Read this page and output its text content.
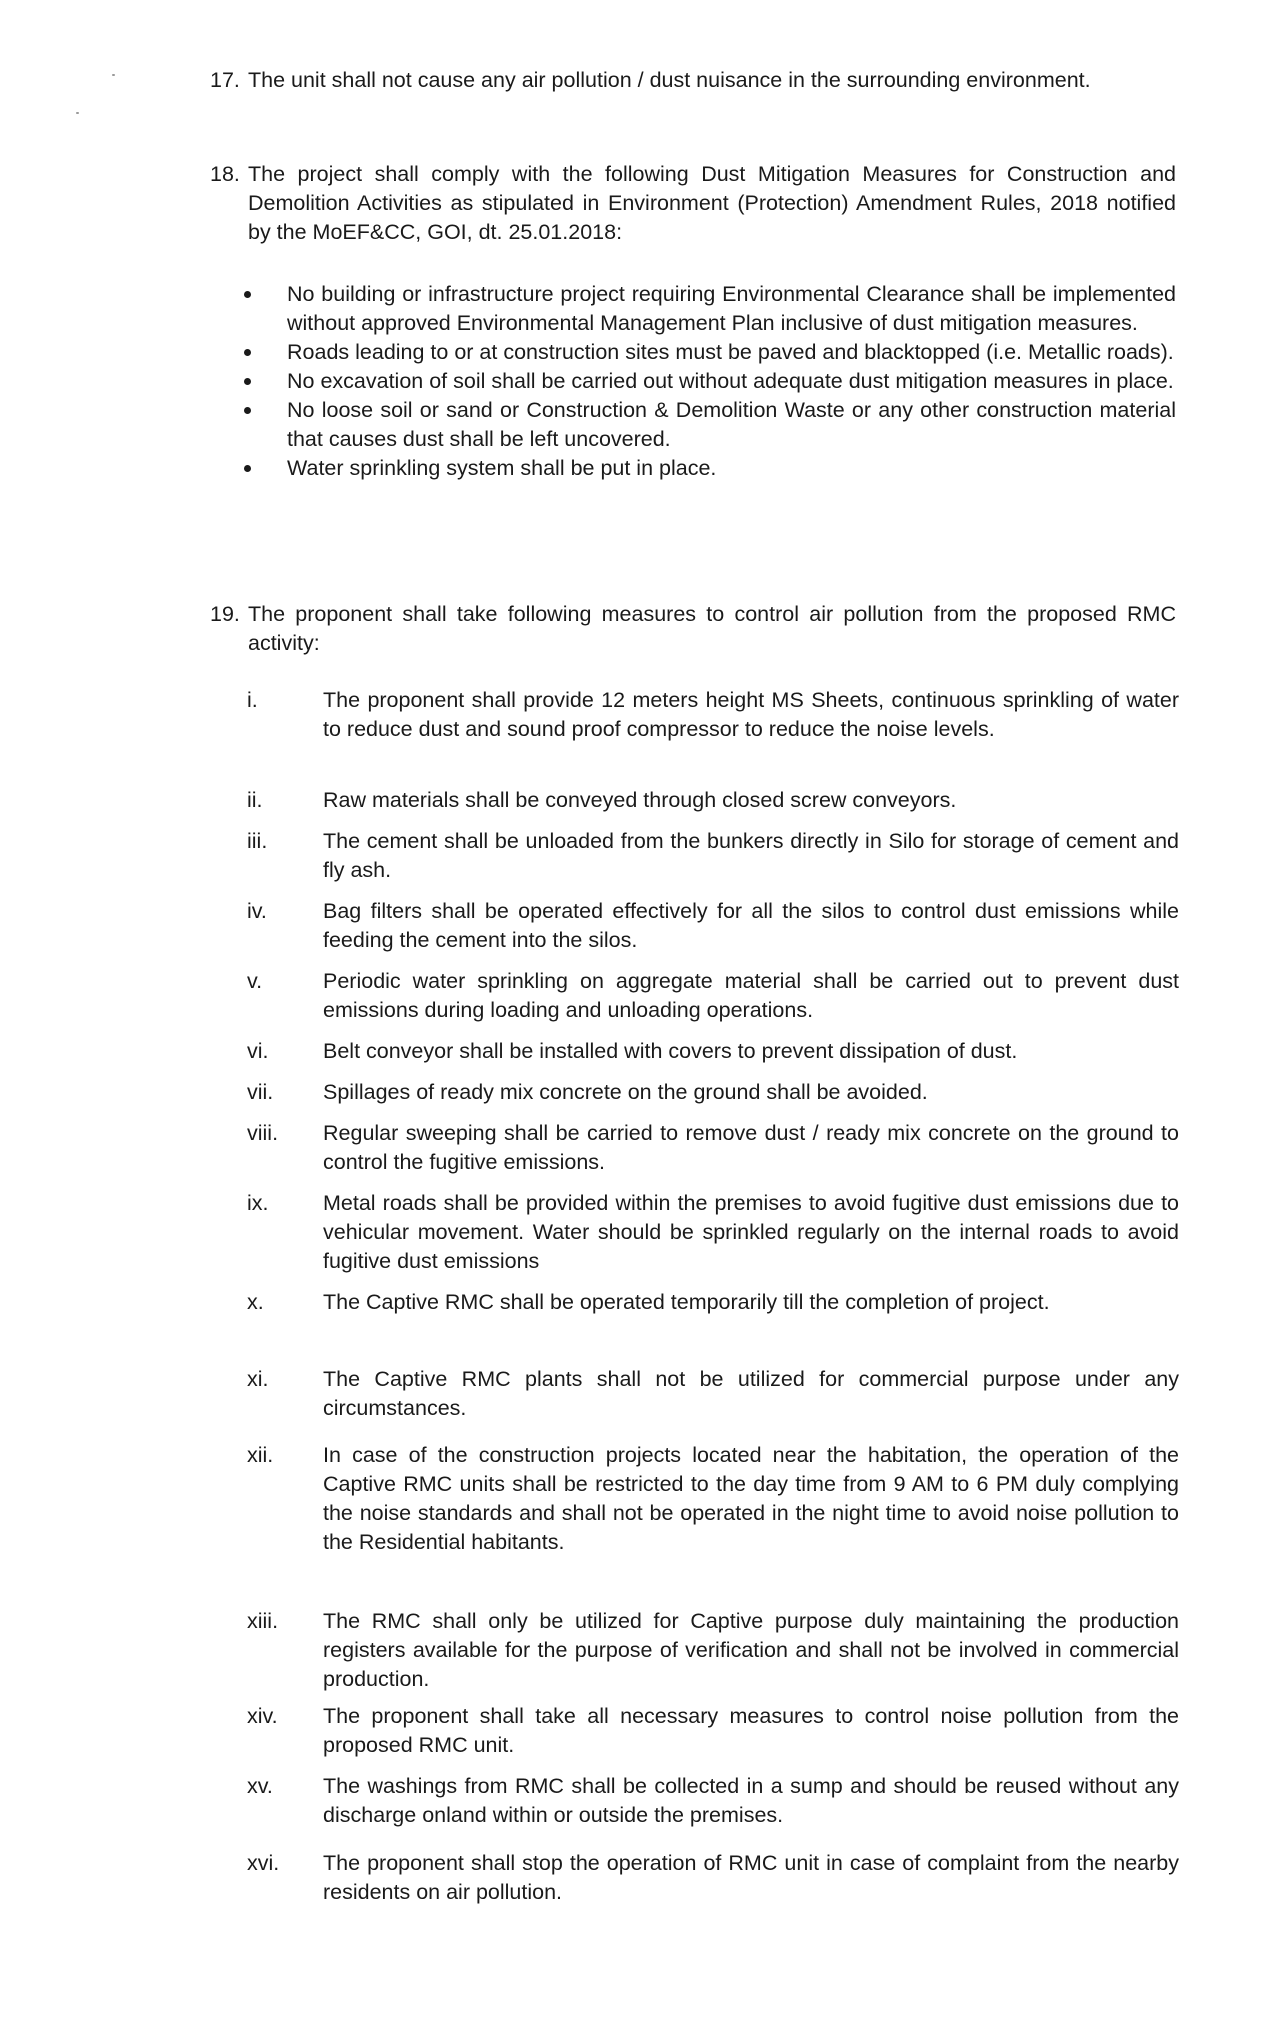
17. The unit shall not cause any air pollution / dust nuisance in the surrounding environment.
18. The project shall comply with the following Dust Mitigation Measures for Construction and Demolition Activities as stipulated in Environment (Protection) Amendment Rules, 2018 notified by the MoEF&CC, GOI, dt. 25.01.2018:
No building or infrastructure project requiring Environmental Clearance shall be implemented without approved Environmental Management Plan inclusive of dust mitigation measures.
Roads leading to or at construction sites must be paved and blacktopped (i.e. Metallic roads).
No excavation of soil shall be carried out without adequate dust mitigation measures in place.
No loose soil or sand or Construction & Demolition Waste or any other construction material that causes dust shall be left uncovered.
Water sprinkling system shall be put in place.
19. The proponent shall take following measures to control air pollution from the proposed RMC activity:
i.	The proponent shall provide 12 meters height MS Sheets, continuous sprinkling of water to reduce dust and sound proof compressor to reduce the noise levels.
ii.	Raw materials shall be conveyed through closed screw conveyors.
iii.	The cement shall be unloaded from the bunkers directly in Silo for storage of cement and fly ash.
iv.	Bag filters shall be operated effectively for all the silos to control dust emissions while feeding the cement into the silos.
v.	Periodic water sprinkling on aggregate material shall be carried out to prevent dust emissions during loading and unloading operations.
vi.	Belt conveyor shall be installed with covers to prevent dissipation of dust.
vii. Spillages of ready mix concrete on the ground shall be avoided.
viii. Regular sweeping shall be carried to remove dust / ready mix concrete on the ground to control the fugitive emissions.
ix.	Metal roads shall be provided within the premises to avoid fugitive dust emissions due to vehicular movement. Water should be sprinkled regularly on the internal roads to avoid fugitive dust emissions
x.	The Captive RMC shall be operated temporarily till the completion of project.
xi.	The Captive RMC plants shall not be utilized for commercial purpose under any circumstances.
xii. In case of the construction projects located near the habitation, the operation of the Captive RMC units shall be restricted to the day time from 9 AM to 6 PM duly complying the noise standards and shall not be operated in the night time to avoid noise pollution to the Residential habitants.
xiii. The RMC shall only be utilized for Captive purpose duly maintaining the production registers available for the purpose of verification and shall not be involved in commercial production.
xiv. The proponent shall take all necessary measures to control noise pollution from the proposed RMC unit.
xv. The washings from RMC shall be collected in a sump and should be reused without any discharge onland within or outside the premises.
xvi. The proponent shall stop the operation of RMC unit in case of complaint from the nearby residents on air pollution.
